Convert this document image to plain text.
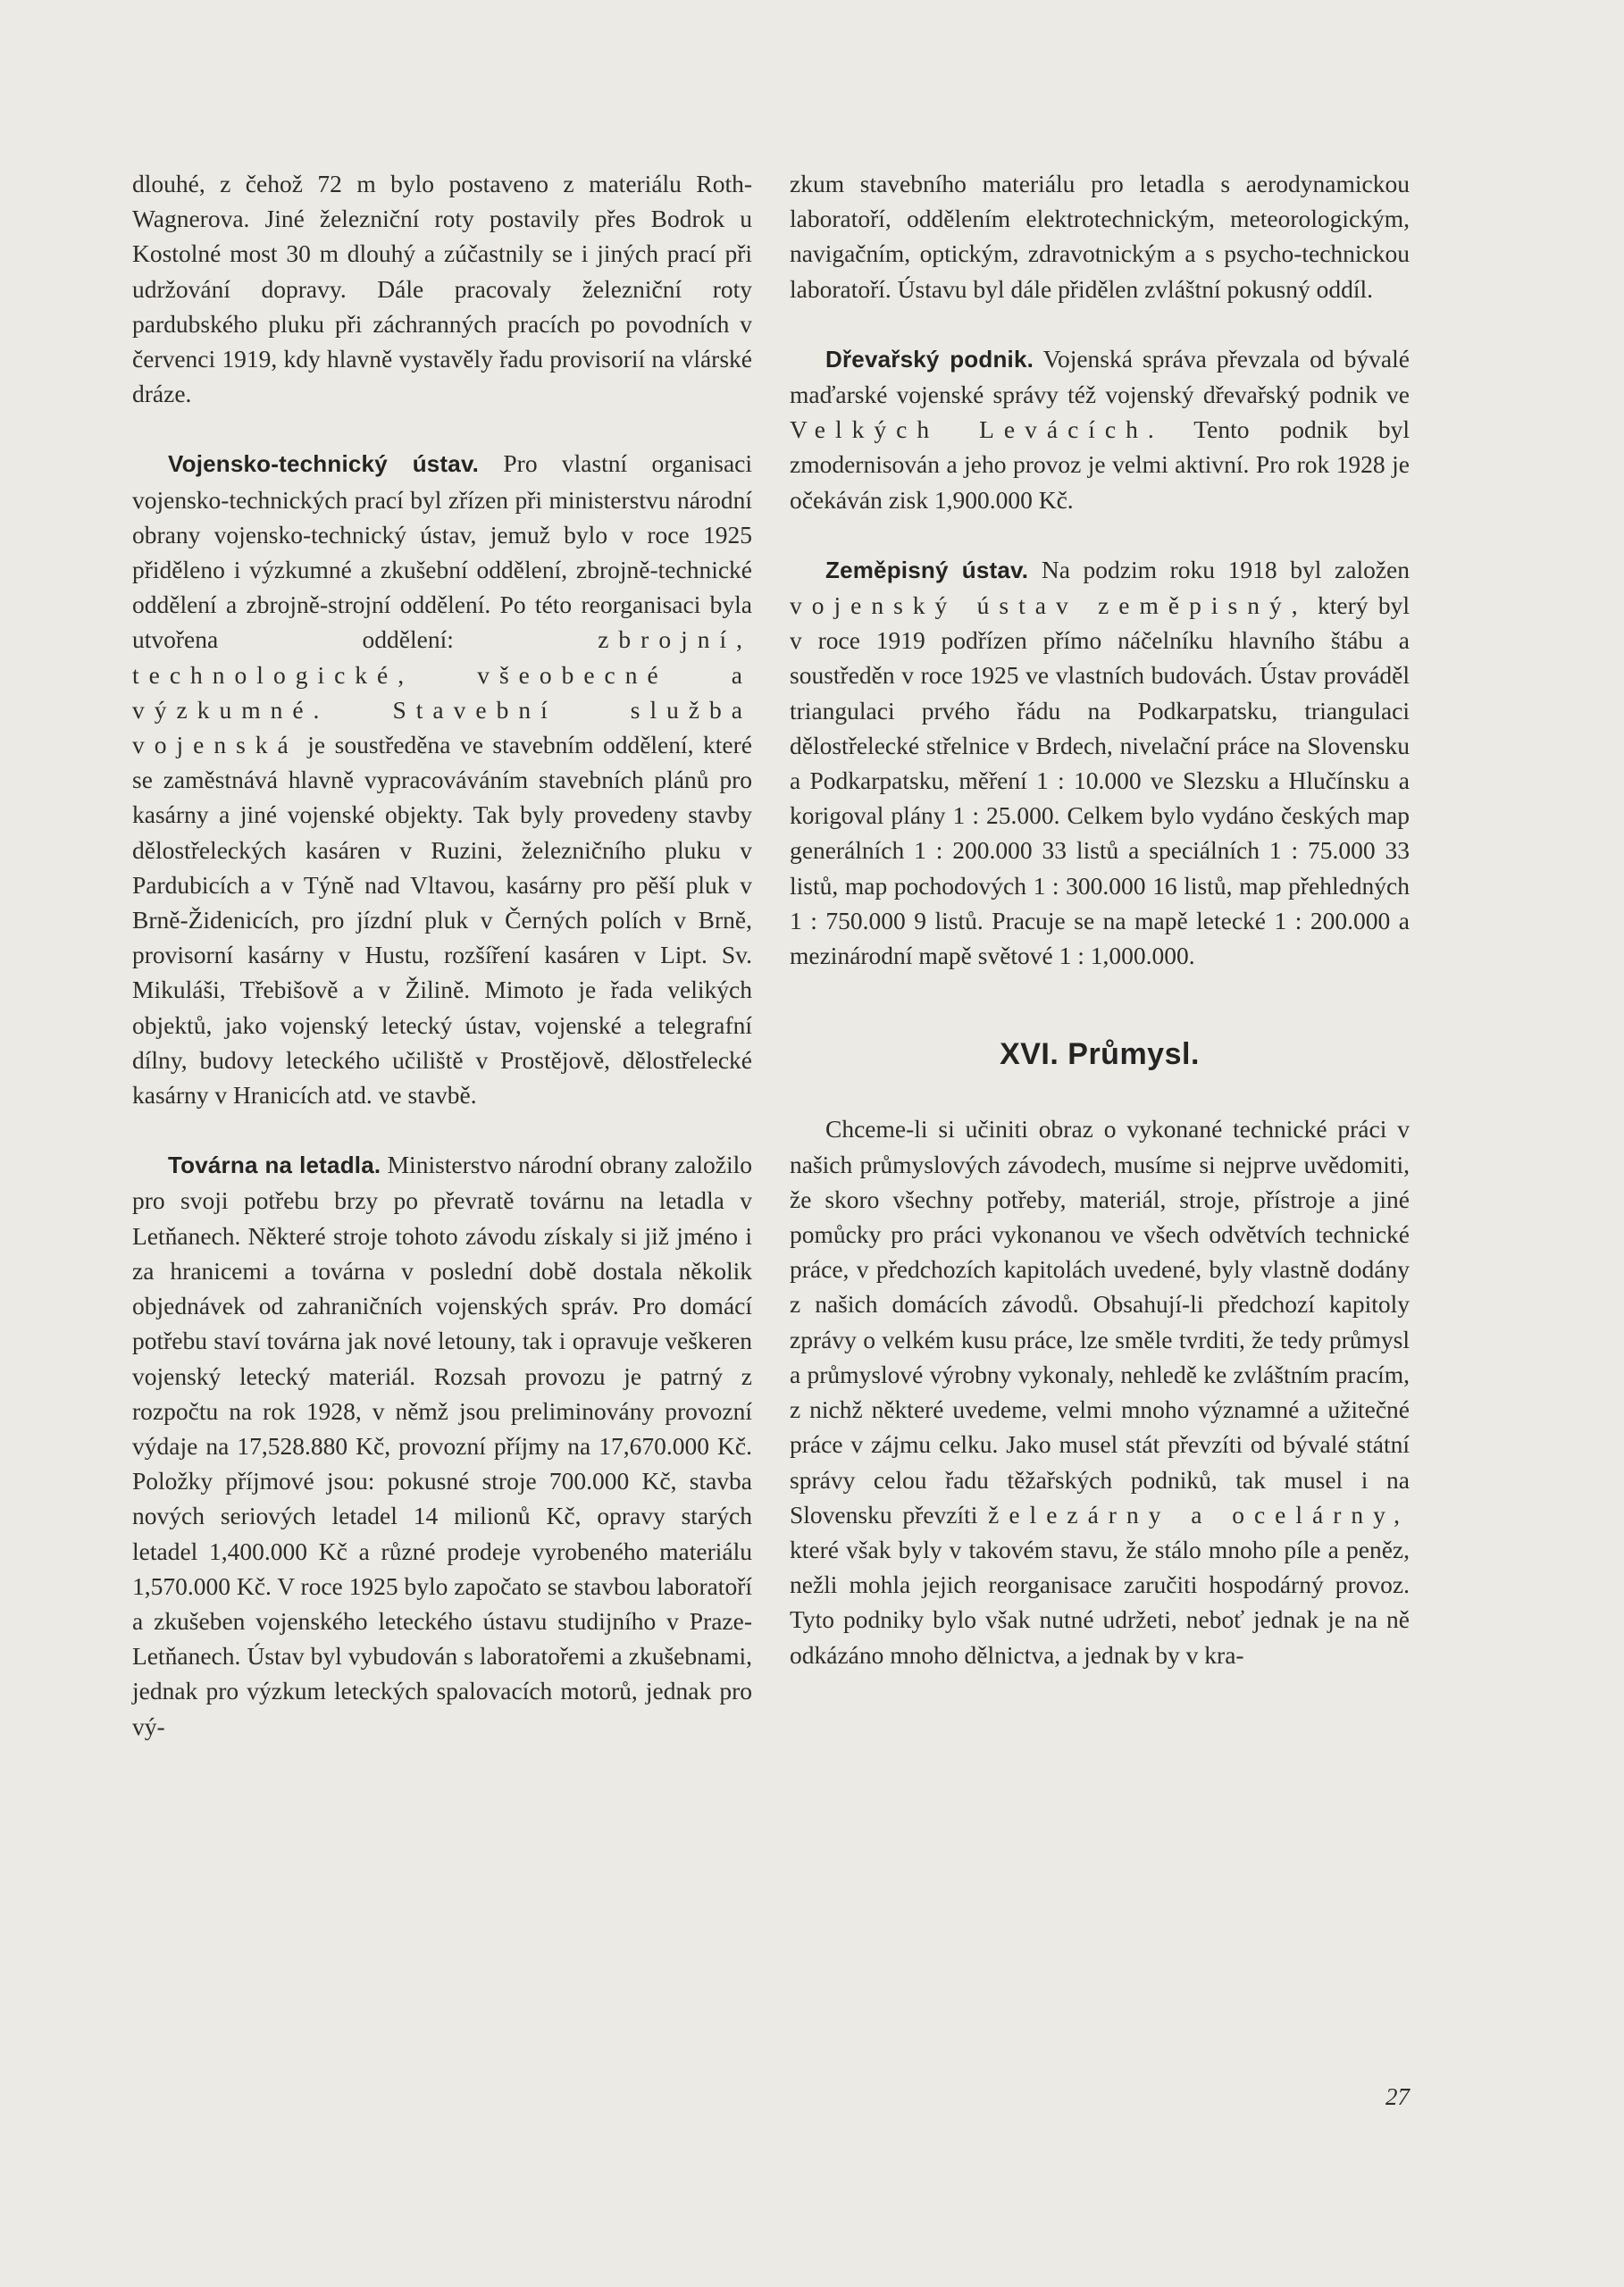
dlouhé, z čehož 72 m bylo postaveno z materiálu Roth-Wagnerova. Jiné železniční roty postavily přes Bodrok u Kostolné most 30 m dlouhý a zúčastnily se i jiných prací při udržování dopravy. Dále pracovaly železniční roty pardubského pluku při záchranných pracích po povodních v červenci 1919, kdy hlavně vystavěly řadu provisorií na vlárské dráze.

Vojensko-technický ústav. Pro vlastní organisaci vojensko-technických prací byl zřízen při ministerstvu národní obrany vojensko-technický ústav, jemuž bylo v roce 1925 přiděleno i výzkumné a zkušební oddělení, zbrojně-technické oddělení a zbrojně-strojní oddělení. Po této reorganisaci byla utvořena oddělení: zbrojní, technologické, všeobecné a výzkumné.	Stavební služba vojenská je soustředěna ve stavebním oddělení, které se zaměstnává hlavně vypracováváním stavebních plánů pro kasárny a jiné vojenské objekty. Tak byly provedeny stavby dělostřeleckých kasáren v Ruzini, železničního pluku v Pardubicích a v Týně nad Vltavou, kasárny pro pěší pluk v Brně-Židenicích, pro jízdní pluk v Černých polích v Brně, provisorní kasárny v Hustu, rozšíření kasáren v Lipt. Sv. Mikuláši, Třebišově a v Žilině. Mimoto je řada velikých objektů, jako vojenský letecký ústav, vojenské a telegrafní dílny, budovy leteckého učiliště v Prostějově, dělostřelecké kasárny v Hranicích atd. ve stavbě.

Továrna na letadla. Ministerstvo národní obrany založilo pro svoji potřebu brzy po převratě továrnu na letadla v Letňanech. Některé stroje tohoto závodu získaly si již jméno i za hranicemi a továrna v poslední době dostala několik objednávek od zahraničních vojenských správ. Pro domácí potřebu staví továrna jak nové letouny, tak i opravuje veškeren vojenský letecký materiál. Rozsah provozu je patrný z rozpočtu na rok 1928, v němž jsou preliminovány provozní výdaje na 17,528.880 Kč, provozní příjmy na 17,670.000 Kč. Položky příjmové jsou: pokusné stroje 700.000 Kč, stavba nových seriových letadel 14 milionů Kč, opravy starých letadel 1,400.000 Kč a různé prodeje vyrobeného materiálu 1,570.000 Kč. V roce 1925 bylo započato se stavbou laboratoří a zkušeben vojenského leteckého ústavu studijního v Praze-Letňanech. Ústav byl vybudován s laboratořemi a zkušebnami, jednak pro výzkum leteckých spalovacích motorů, jednak pro vý-

zkum stavebního materiálu pro letadla s aerodynamickou laboratoří, oddělením elektrotechnickým, meteorologickým, navigačním, optickým, zdravotnickým a s psycho-technickou laboratoří. Ústavu byl dále přidělen zvláštní pokusný oddíl.

Dřevařský podnik. Vojenská správa převzala od bývalé maďarské vojenské správy též vojenský dřevařský podnik ve Velkých Levácích. Tento podnik byl zmodernisován a jeho provoz je velmi aktivní. Pro rok 1928 je očekáván zisk 1,900.000 Kč.

Zeměpisný ústav. Na podzim roku 1918 byl založen vojenský ústav zeměpisný, který byl v roce 1919 podřízen přímo náčelníku hlavního štábu a soustředěn v roce 1925 ve vlastních budovách. Ústav prováděl triangulaci prvého řádu na Podkarpatsku, triangulaci dělostřelecké střelnice v Brdech, nivelační práce na Slovensku a Podkarpatsku, měření 1 : 10.000 ve Slezsku a Hlučínsku a korigoval plány 1 : 25.000. Celkem bylo vydáno českých map generálních 1 : 200.000 33 listů a speciálních 1 : 75.000 33 listů, map pochodových 1 : 300.000 16 listů, map přehledných 1 : 750.000 9 listů. Pracuje se na mapě letecké 1 : 200.000 a mezinárodní mapě světové 1 : 1,000.000.

XVI. Průmysl.

Chceme-li si učiniti obraz o vykonané technické práci v našich průmyslových závodech, musíme si nejprve uvědomiti, že skoro všechny potřeby, materiál, stroje, přístroje a jiné pomůcky pro práci vykonanou ve všech odvětvích technické práce, v předchozích kapitolách uvedené, byly vlastně dodány z našich domácích závodů. Obsahují-li předchozí kapitoly zprávy o velkém kusu práce, lze směle tvrditi, že tedy průmysl a průmyslové výrobny vykonaly, nehledě ke zvláštním pracím, z nichž některé uvedeme, velmi mnoho významné a užitečné práce v zájmu celku. Jako musel stát převzíti od bývalé státní správy celou řadu těžařských podniků, tak musel i na Slovensku převzíti železárny a ocelárny, které však byly v takovém stavu, že stálo mnoho píle a peněz, nežli mohla jejich reorganisace zaručiti hospodárný provoz. Tyto podniky bylo však nutné udržeti, neboť jednak je na ně odkázáno mnoho dělnictva, a jednak by v kra-

27
